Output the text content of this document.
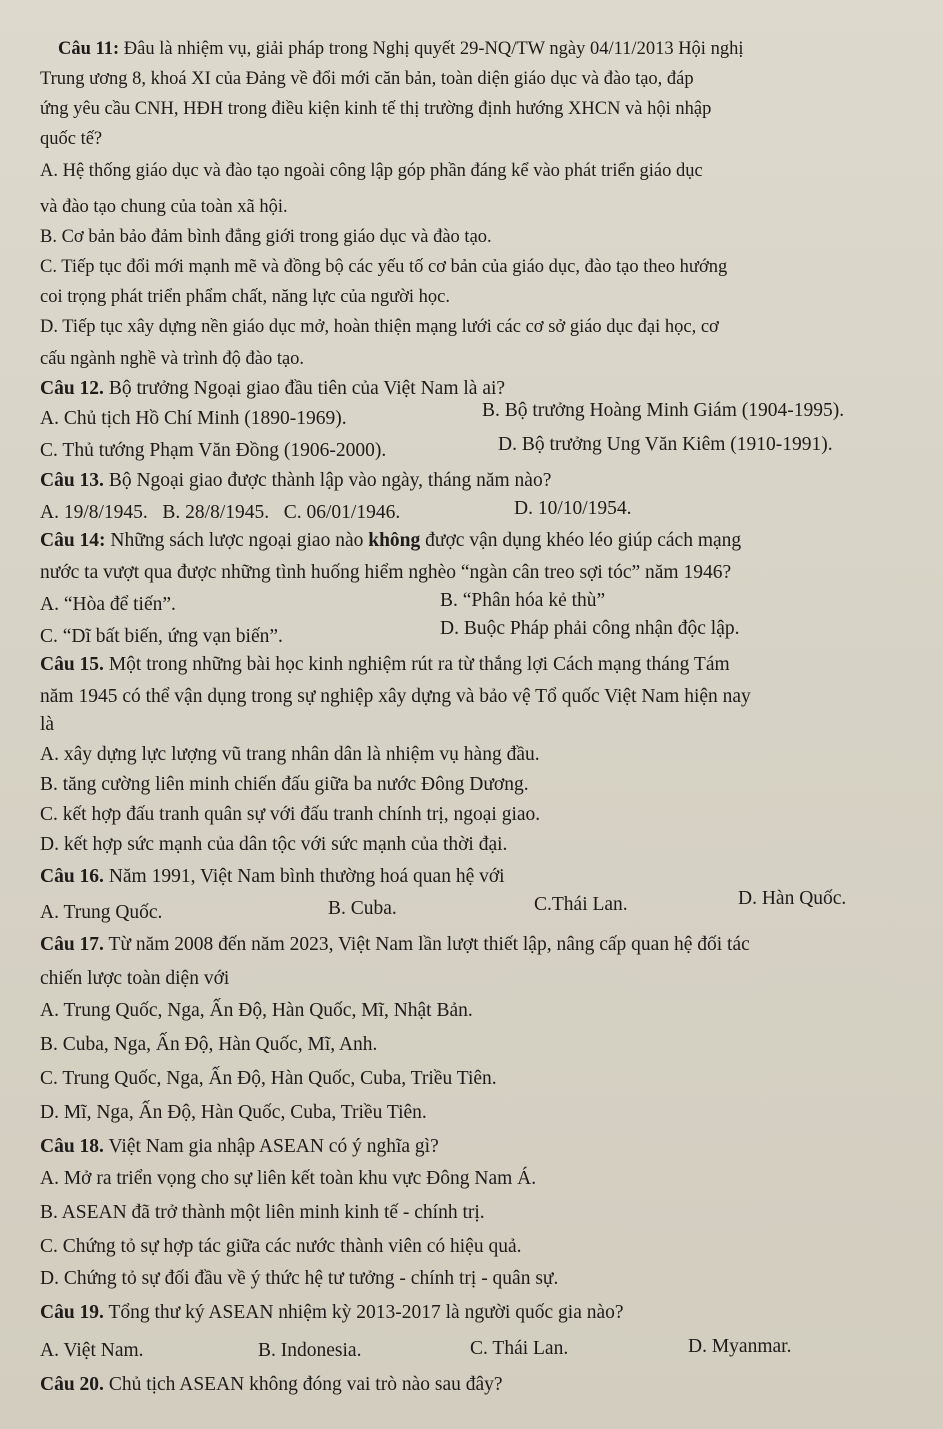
Câu 11: Đâu là nhiệm vụ, giải pháp trong Nghị quyết 29-NQ/TW ngày 04/11/2013 Hội nghị
Trung ương 8, khoá XI của Đảng về đổi mới căn bản, toàn diện giáo dục và đào tạo, đáp
ứng yêu cầu CNH, HĐH trong điều kiện kinh tế thị trường định hướng XHCN và hội nhập
quốc tế?
A. Hệ thống giáo dục và đào tạo ngoài công lập góp phần đáng kể vào phát triển giáo dục
và đào tạo chung của toàn xã hội.
B. Cơ bản bảo đảm bình đẳng giới trong giáo dục và đào tạo.
C. Tiếp tục đổi mới mạnh mẽ và đồng bộ các yếu tố cơ bản của giáo dục, đào tạo theo hướng
coi trọng phát triển phẩm chất, năng lực của người học.
D. Tiếp tục xây dựng nền giáo dục mở, hoàn thiện mạng lưới các cơ sở giáo dục đại học, cơ
cấu ngành nghề và trình độ đào tạo.
Câu 12. Bộ trưởng Ngoại giao đầu tiên của Việt Nam là ai?
A. Chủ tịch Hồ Chí Minh (1890-1969).	B. Bộ trưởng Hoàng Minh Giám (1904-1995).
C. Thủ tướng Phạm Văn Đồng (1906-2000).	D. Bộ trưởng Ung Văn Kiêm (1910-1991).
Câu 13. Bộ Ngoại giao được thành lập vào ngày, tháng năm nào?
A. 19/8/1945.   B. 28/8/1945.   C. 06/01/1946.	D. 10/10/1954.
Câu 14: Những sách lược ngoại giao nào không được vận dụng khéo léo giúp cách mạng
nước ta vượt qua được những tình huống hiểm nghèo “ngàn cân treo sợi tóc” năm 1946?
A. “Hòa để tiến”.	B. “Phân hóa kẻ thù”
C. “Dĩ bất biến, ứng vạn biến”.	D. Buộc Pháp phải công nhận độc lập.
Câu 15. Một trong những bài học kinh nghiệm rút ra từ thắng lợi Cách mạng tháng Tám
năm 1945 có thể vận dụng trong sự nghiệp xây dựng và bảo vệ Tổ quốc Việt Nam hiện nay
là
A. xây dựng lực lượng vũ trang nhân dân là nhiệm vụ hàng đầu.
B. tăng cường liên minh chiến đấu giữa ba nước Đông Dương.
C. kết hợp đấu tranh quân sự với đấu tranh chính trị, ngoại giao.
D. kết hợp sức mạnh của dân tộc với sức mạnh của thời đại.
Câu 16. Năm 1991, Việt Nam bình thường hoá quan hệ với
A. Trung Quốc.	B. Cuba.	C.Thái Lan.	D. Hàn Quốc.
Câu 17. Từ năm 2008 đến năm 2023, Việt Nam lần lượt thiết lập, nâng cấp quan hệ đối tác
chiến lược toàn diện với
A. Trung Quốc, Nga, Ấn Độ, Hàn Quốc, Mĩ, Nhật Bản.
B. Cuba, Nga, Ấn Độ, Hàn Quốc, Mĩ, Anh.
C. Trung Quốc, Nga, Ấn Độ, Hàn Quốc, Cuba, Triều Tiên.
D. Mĩ, Nga, Ấn Độ, Hàn Quốc, Cuba, Triều Tiên.
Câu 18. Việt Nam gia nhập ASEAN có ý nghĩa gì?
A. Mở ra triển vọng cho sự liên kết toàn khu vực Đông Nam Á.
B. ASEAN đã trở thành một liên minh kinh tế - chính trị.
C. Chứng tỏ sự hợp tác giữa các nước thành viên có hiệu quả.
D. Chứng tỏ sự đối đầu về ý thức hệ tư tưởng - chính trị - quân sự.
Câu 19. Tổng thư ký ASEAN nhiệm kỳ 2013-2017 là người quốc gia nào?
A. Việt Nam.	B. Indonesia.	C. Thái Lan.	D. Myanmar.
Câu 20. Chủ tịch ASEAN không đóng vai trò nào sau đây?
